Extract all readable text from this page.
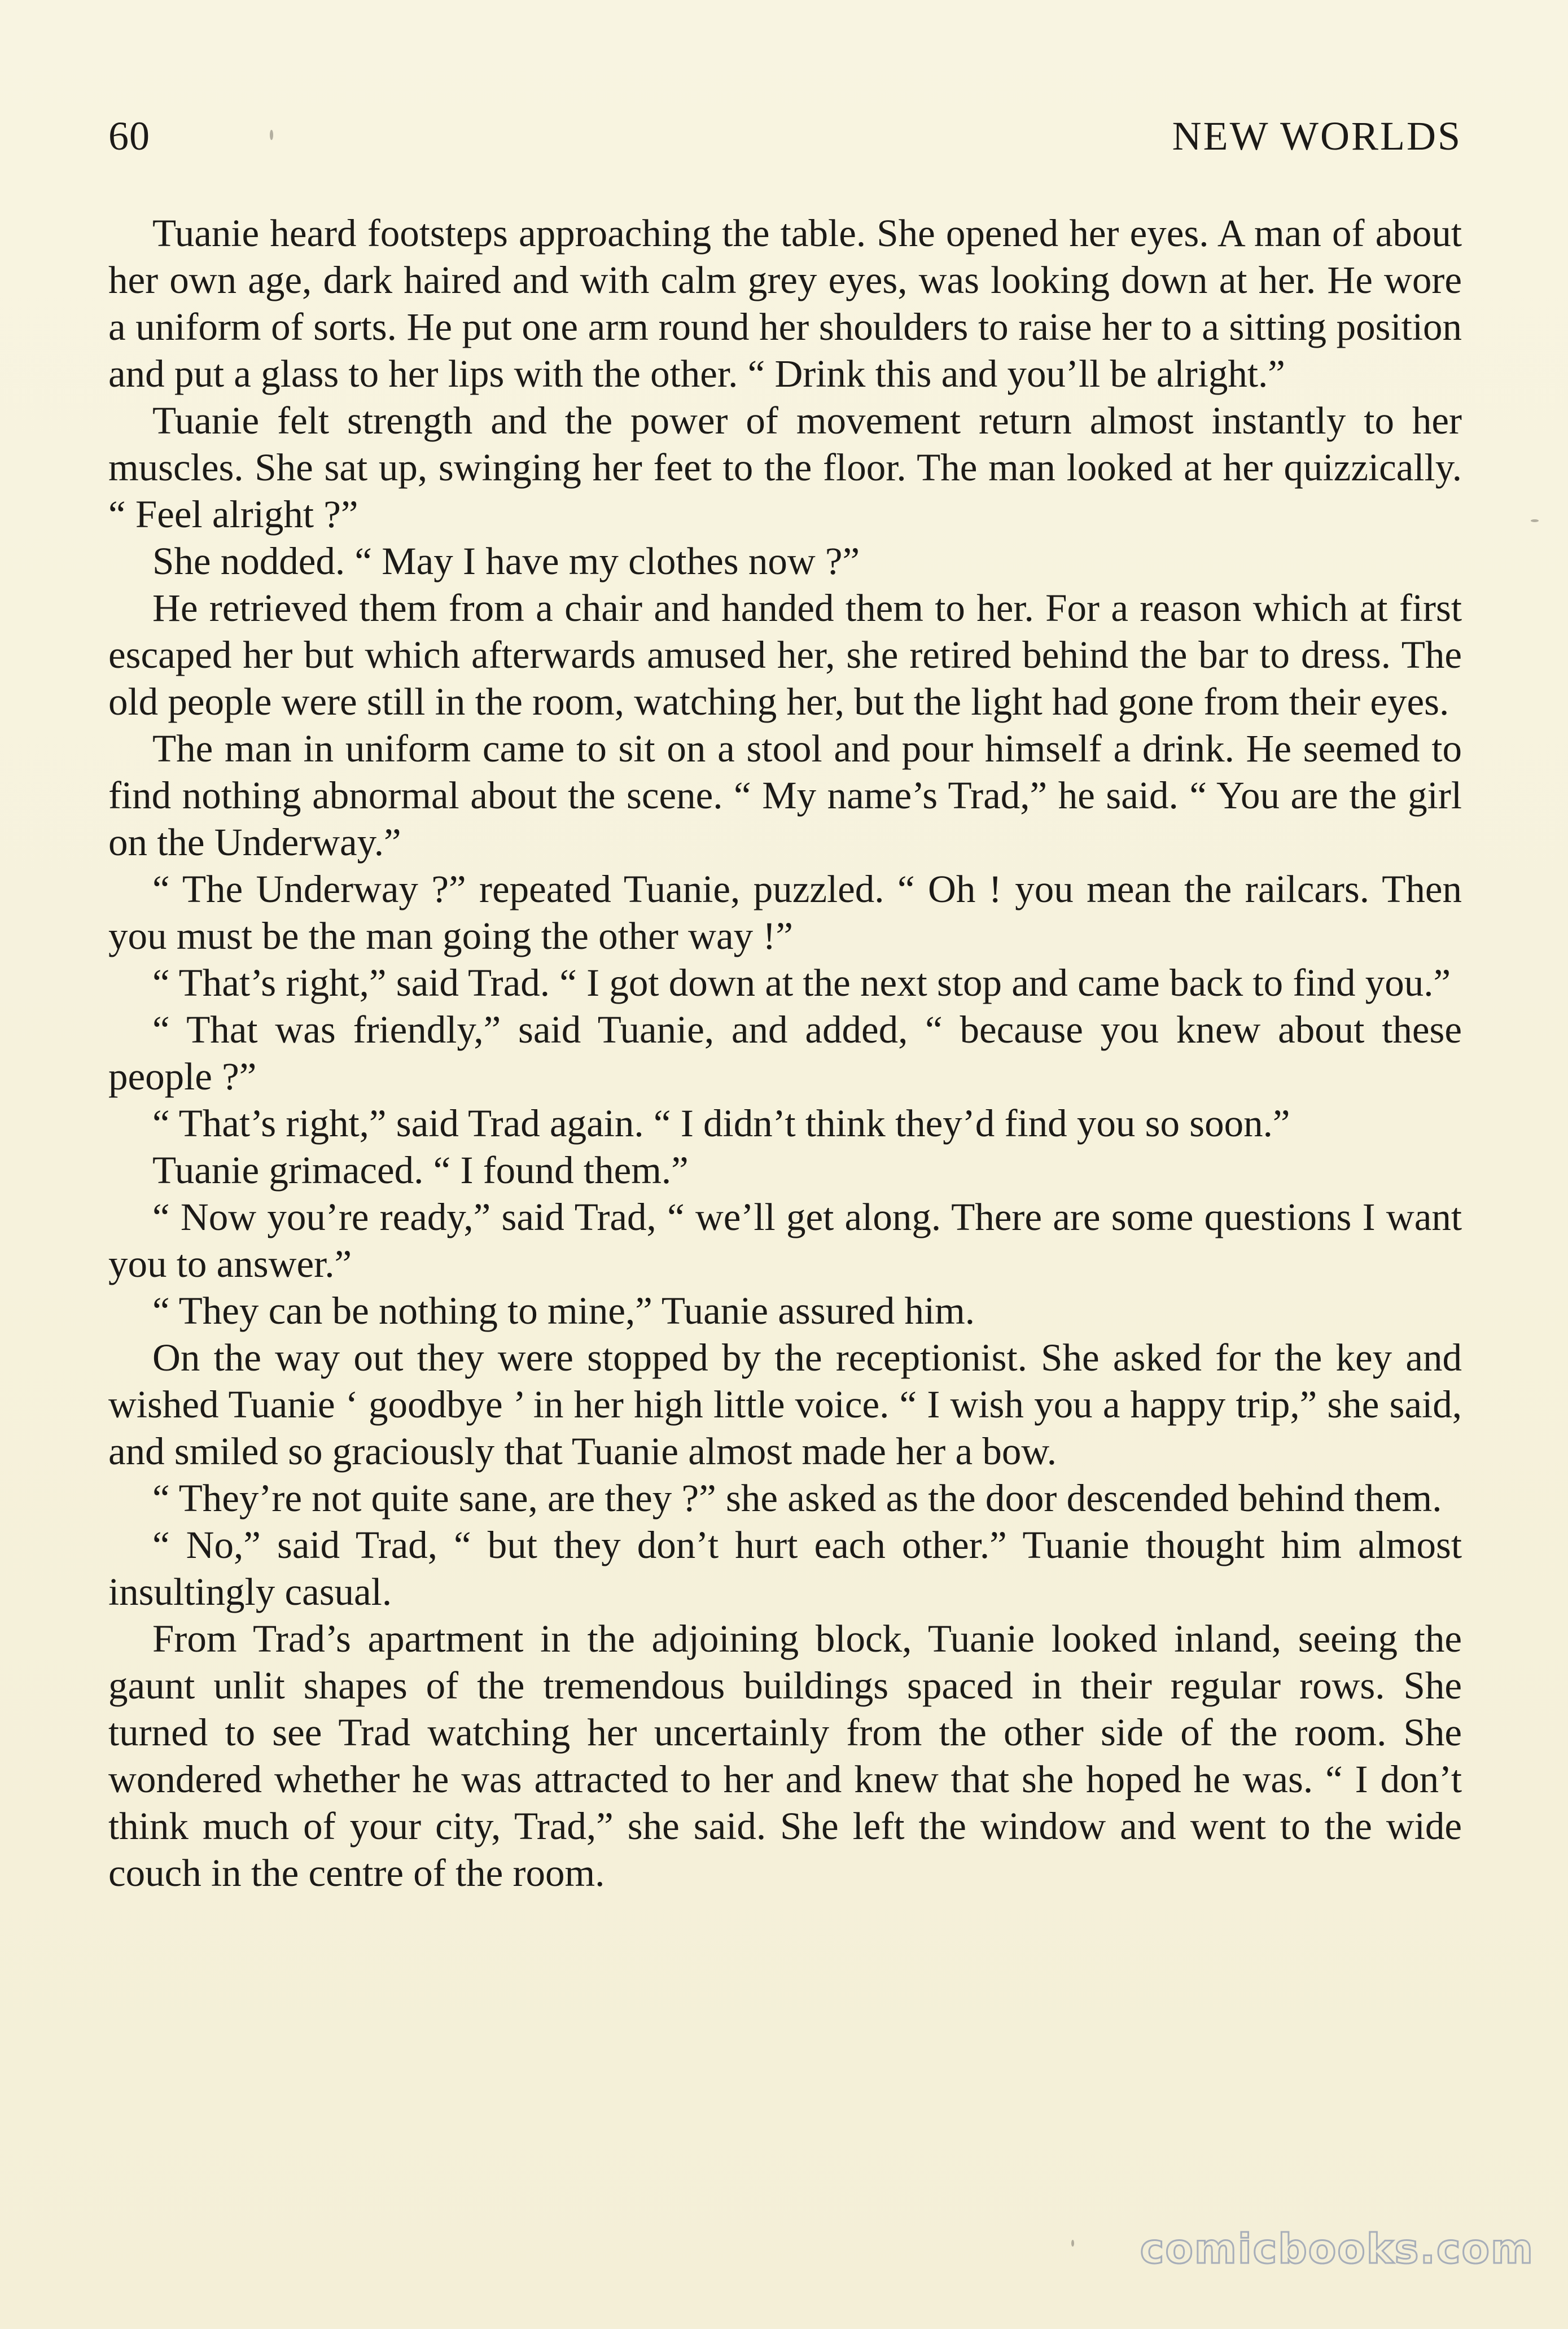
60	NEW WORLDS

Tuanie heard footsteps approaching the table. She opened her eyes. A man of about her own age, dark haired and with calm grey eyes, was looking down at her. He wore a uniform of sorts. He put one arm round her shoulders to raise her to a sitting position and put a glass to her lips with the other. “ Drink this and you’ll be alright.”

Tuanie felt strength and the power of movement return almost instantly to her muscles. She sat up, swinging her feet to the floor. The man looked at her quizzically. “ Feel alright ?”

She nodded. “ May I have my clothes now ?”

He retrieved them from a chair and handed them to her. For a reason which at first escaped her but which afterwards amused her, she retired behind the bar to dress. The old people were still in the room, watching her, but the light had gone from their eyes.

The man in uniform came to sit on a stool and pour himself a drink. He seemed to find nothing abnormal about the scene. “ My name’s Trad,” he said. “ You are the girl on the Underway.”

“ The Underway ?” repeated Tuanie, puzzled. “ Oh ! you mean the railcars. Then you must be the man going the other way !”

“ That’s right,” said Trad. “ I got down at the next stop and came back to find you.”

“ That was friendly,” said Tuanie, and added, “ because you knew about these people ?”

“ That’s right,” said Trad again. “ I didn’t think they’d find you so soon.”

Tuanie grimaced. “ I found them.”

“ Now you’re ready,” said Trad, “ we’ll get along. There are some questions I want you to answer.”

“ They can be nothing to mine,” Tuanie assured him.

On the way out they were stopped by the receptionist. She asked for the key and wished Tuanie ‘ goodbye ’ in her high little voice. “ I wish you a happy trip,” she said, and smiled so graciously that Tuanie almost made her a bow.

“ They’re not quite sane, are they ?” she asked as the door descended behind them.

“ No,” said Trad, “ but they don’t hurt each other.” Tuanie thought him almost insultingly casual.

From Trad’s apartment in the adjoining block, Tuanie looked inland, seeing the gaunt unlit shapes of the tremendous buildings spaced in their regular rows. She turned to see Trad watching her uncertainly from the other side of the room. She wondered whether he was attracted to her and knew that she hoped he was. “ I don’t think much of your city, Trad,” she said. She left the window and went to the wide couch in the centre of the room.

comicbooks.com
